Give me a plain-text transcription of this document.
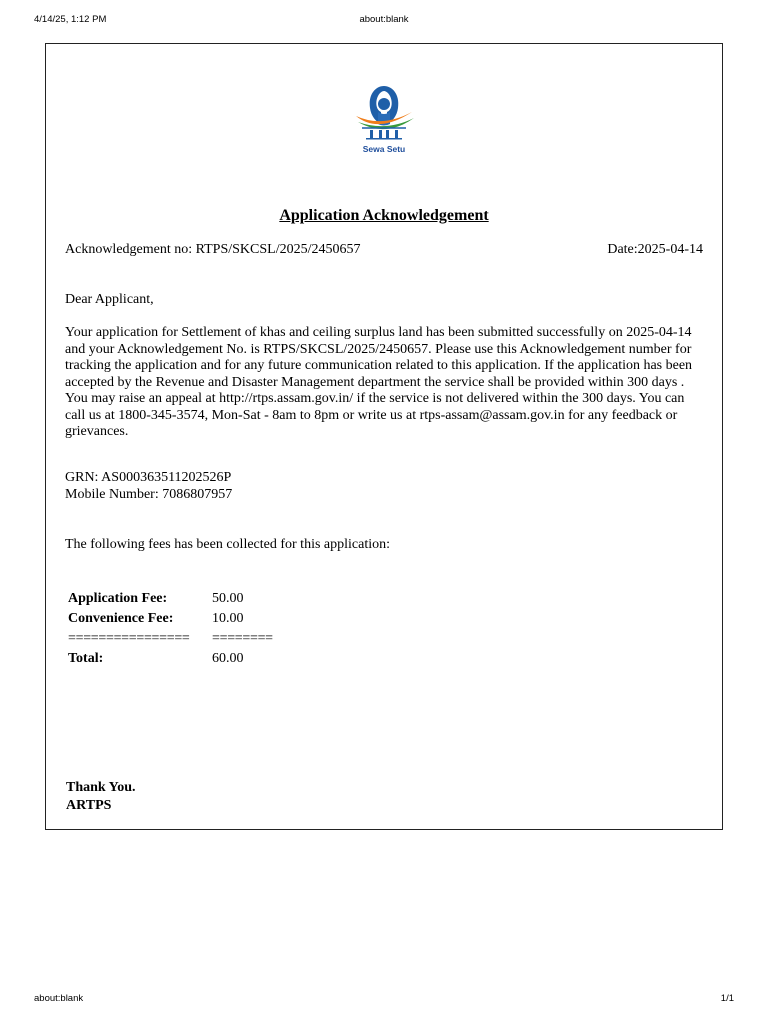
4/14/25, 1:12 PM	about:blank
Sewa Setu
Application Acknowledgement
Acknowledgement no: RTPS/SKCSL/2025/2450657	Date:2025-04-14
Dear Applicant,
Your application for Settlement of khas and ceiling surplus land has been submitted successfully on 2025-04-14 and your Acknowledgement No. is RTPS/SKCSL/2025/2450657. Please use this Acknowledgement number for tracking the application and for any future communication related to this application. If the application has been accepted by the Revenue and Disaster Management department the service shall be provided within 300 days . You may raise an appeal at http://rtps.assam.gov.in/ if the service is not delivered within the 300 days. You can call us at 1800-345-3574, Mon-Sat - 8am to 8pm or write us at rtps-assam@assam.gov.in for any feedback or grievances.
GRN: AS000363511202526P
Mobile Number: 7086807957
The following fees has been collected for this application:
Application Fee:	50.00
Convenience Fee:	10.00
================	========
Total:	60.00
Thank You.
ARTPS
about:blank	1/1
